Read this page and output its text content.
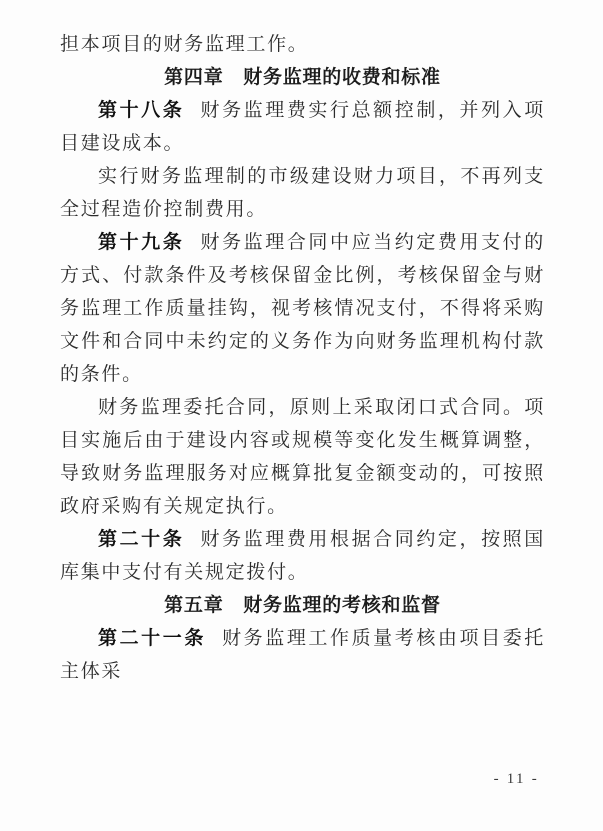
担本项目的财务监理工作。

第四章　财务监理的收费和标准

第十八条 财务监理费实行总额控制，并列入项目建设成本。

实行财务监理制的市级建设财力项目，不再列支全过程造价控制费用。

第十九条 财务监理合同中应当约定费用支付的方式、付款条件及考核保留金比例，考核保留金与财务监理工作质量挂钩，视考核情况支付，不得将采购文件和合同中未约定的义务作为向财务监理机构付款的条件。

财务监理委托合同，原则上采取闭口式合同。项目实施后由于建设内容或规模等变化发生概算调整，导致财务监理服务对应概算批复金额变动的，可按照政府采购有关规定执行。

第二十条 财务监理费用根据合同约定，按照国库集中支付有关规定拨付。

第五章　财务监理的考核和监督

第二十一条 财务监理工作质量考核由项目委托主体采

- 11 -
